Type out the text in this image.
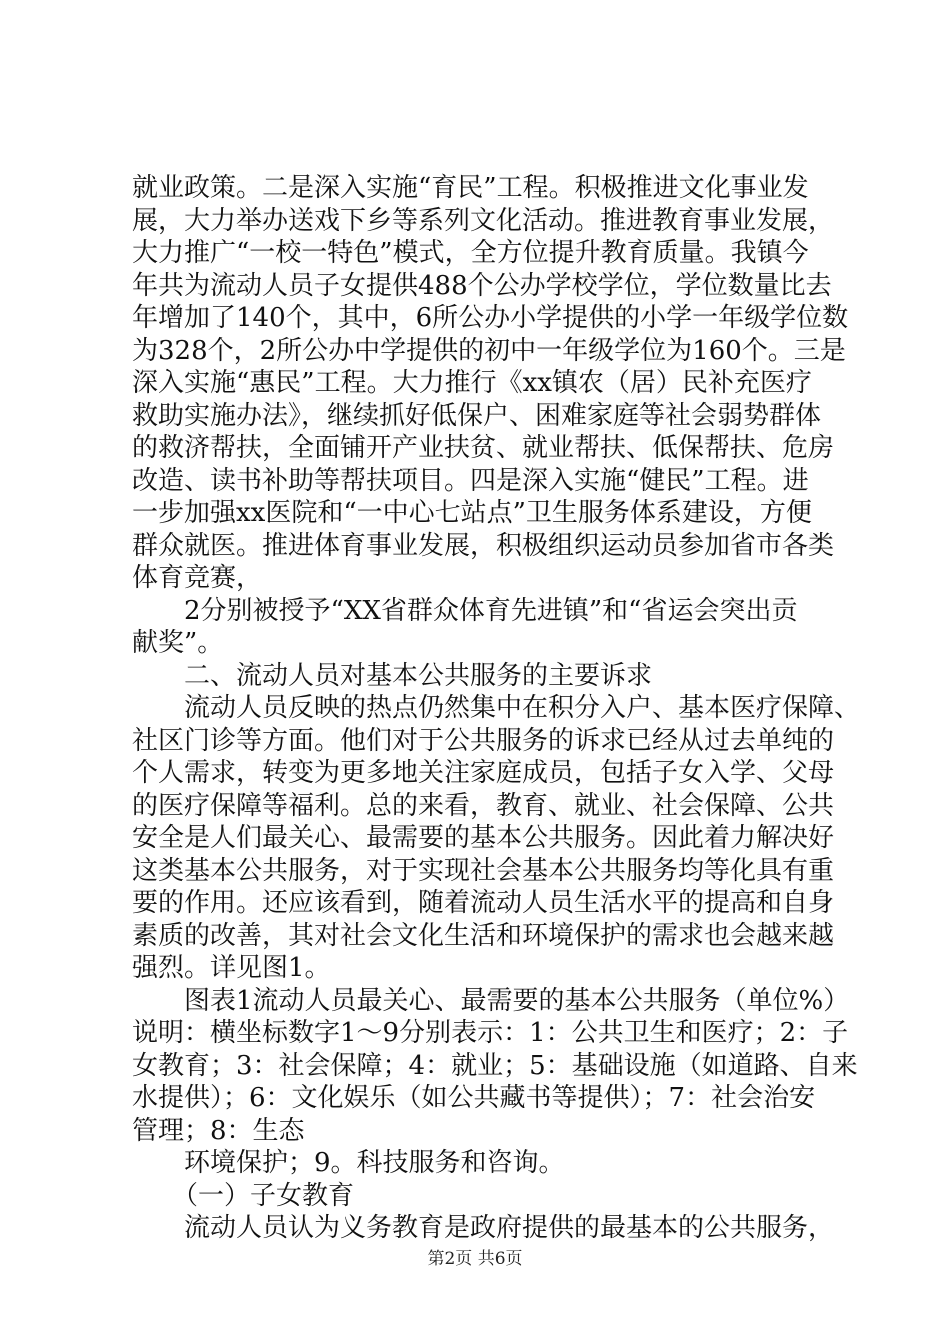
就业政策。二是深入实施“育民”工程。积极推进文化事业发
展，大力举办送戏下乡等系列文化活动。推进教育事业发展，
大力推广“一校一特色”模式，全方位提升教育质量。我镇今
年共为流动人员子女提供488个公办学校学位，学位数量比去
年增加了140个，其中，6所公办小学提供的小学一年级学位数
为328个，2所公办中学提供的初中一年级学位为160个。三是
深入实施“惠民”工程。大力推行《xx镇农（居）民补充医疗
救助实施办法》，继续抓好低保户、困难家庭等社会弱势群体
的救济帮扶，全面铺开产业扶贫、就业帮扶、低保帮扶、危房
改造、读书补助等帮扶项目。四是深入实施“健民”工程。进
一步加强xx医院和“一中心七站点”卫生服务体系建设，方便
群众就医。推进体育事业发展，积极组织运动员参加省市各类
体育竞赛，
2分别被授予“XX省群众体育先进镇”和“省运会突出贡
献奖”。
二、流动人员对基本公共服务的主要诉求
流动人员反映的热点仍然集中在积分入户、基本医疗保障、
社区门诊等方面。他们对于公共服务的诉求已经从过去单纯的
个人需求，转变为更多地关注家庭成员，包括子女入学、父母
的医疗保障等福利。总的来看，教育、就业、社会保障、公共
安全是人们最关心、最需要的基本公共服务。因此着力解决好
这类基本公共服务，对于实现社会基本公共服务均等化具有重
要的作用。还应该看到，随着流动人员生活水平的提高和自身
素质的改善，其对社会文化生活和环境保护的需求也会越来越
强烈。详见图1。
图表1流动人员最关心、最需要的基本公共服务（单位%）
说明：横坐标数字1～9分别表示：1：公共卫生和医疗；2：子
女教育；3：社会保障；4：就业；5：基础设施（如道路、自来
水提供）；6：文化娱乐（如公共藏书等提供）；7：社会治安
管理；8：生态
环境保护；9。科技服务和咨询。
（一）子女教育
流动人员认为义务教育是政府提供的最基本的公共服务，
第2页 共6页
